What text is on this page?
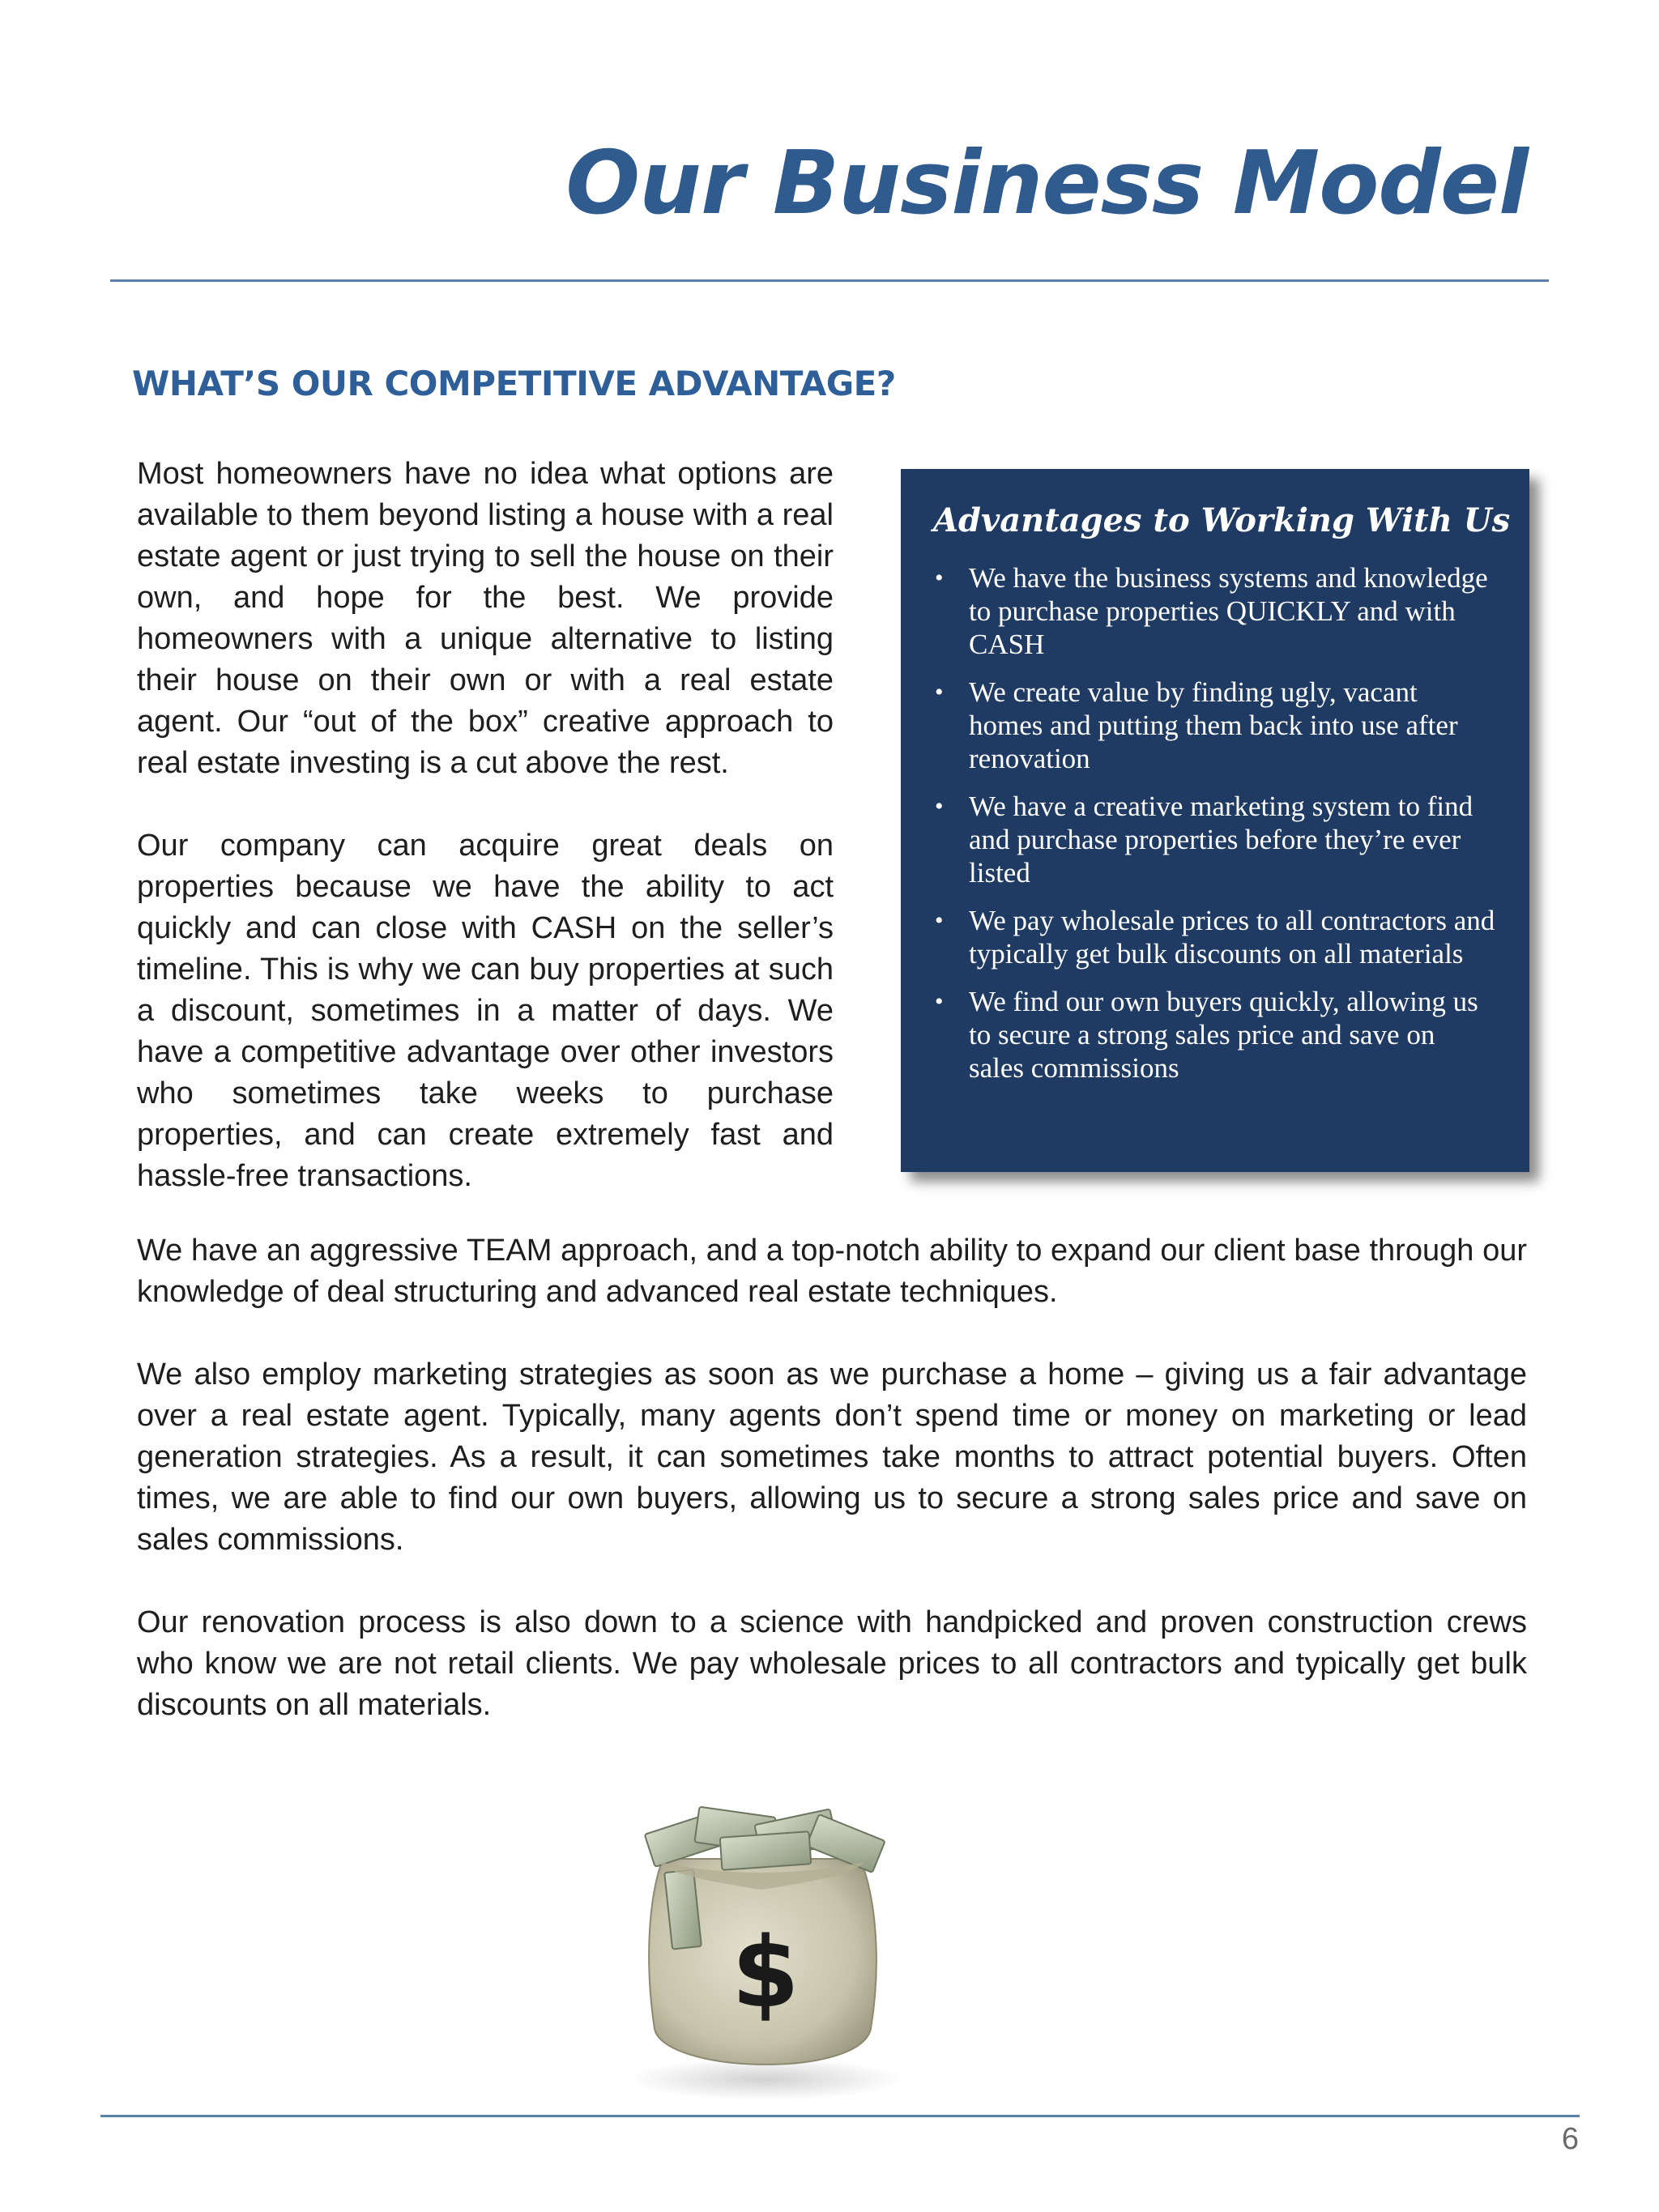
Our Business Model
WHAT’S OUR COMPETITIVE ADVANTAGE?

Most homeowners have no idea what options are available to them beyond listing a house with a real estate agent or just trying to sell the house on their own, and hope for the best. We provide homeowners with a unique alternative to listing their house on their own or with a real estate agent. Our “out of the box” creative approach to real estate investing is a cut above the rest.

Our company can acquire great deals on properties because we have the ability to act quickly and can close with CASH on the seller’s timeline. This is why we can buy properties at such a discount, sometimes in a matter of days. We have a competitive advantage over other investors who sometimes take weeks to purchase properties, and can create extremely fast and hassle-free transactions.

Advantages to Working With Us
• We have the business systems and knowledge to purchase properties QUICKLY and with CASH
• We create value by finding ugly, vacant homes and putting them back into use after renovation
• We have a creative marketing system to find and purchase properties before they’re ever listed
• We pay wholesale prices to all contractors and typically get bulk discounts on all materials
• We find our own buyers quickly, allowing us to secure a strong sales price and save on sales commissions

We have an aggressive TEAM approach, and a top-notch ability to expand our client base through our knowledge of deal structuring and advanced real estate techniques.

We also employ marketing strategies as soon as we purchase a home – giving us a fair advantage over a real estate agent. Typically, many agents don’t spend time or money on marketing or lead generation strategies. As a result, it can sometimes take months to attract potential buyers. Often times, we are able to find our own buyers, allowing us to secure a strong sales price and save on sales commissions.

Our renovation process is also down to a science with handpicked and proven construction crews who know we are not retail clients. We pay wholesale prices to all contractors and typically get bulk discounts on all materials.

$
6
